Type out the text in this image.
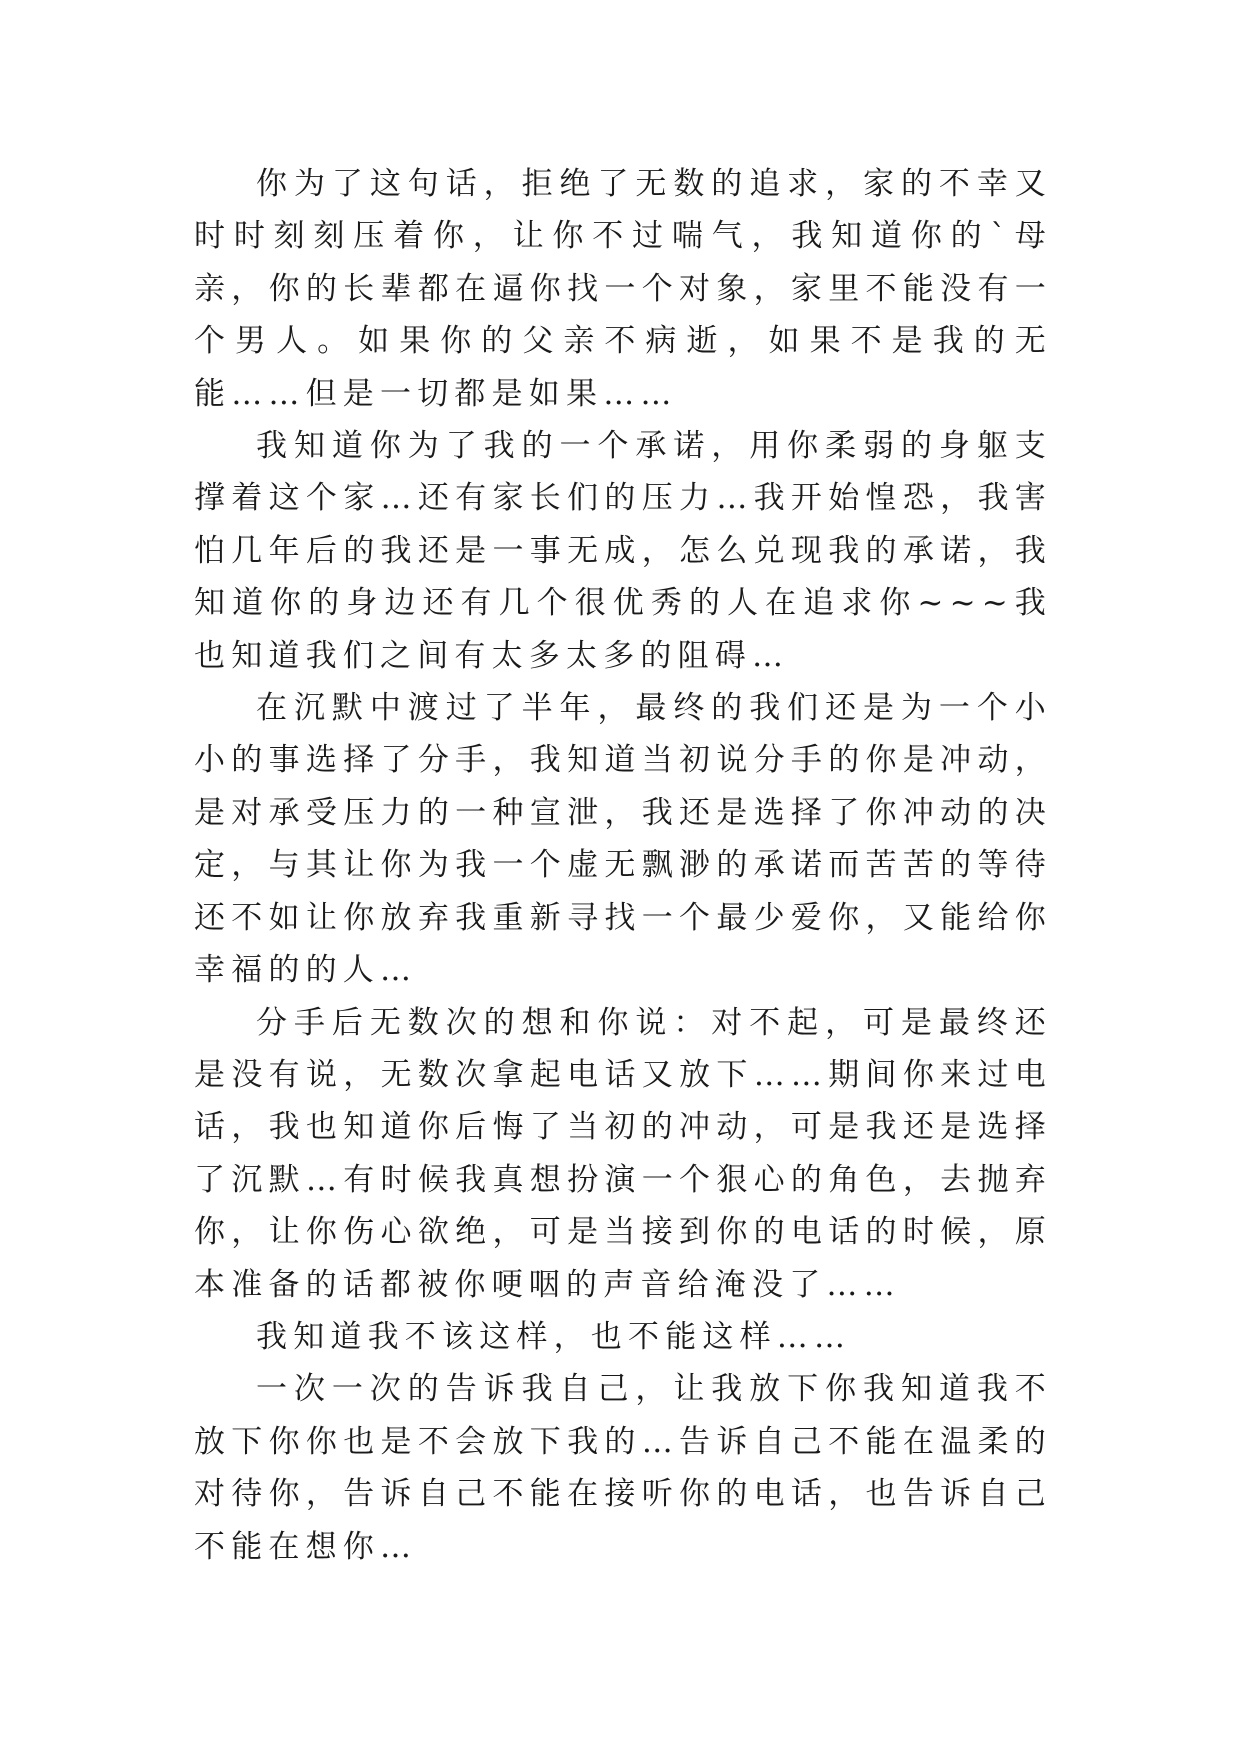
你为了这句话，拒绝了无数的追求，家的不幸又时时刻刻压着你，让你不过喘气，我知道你的`母亲，你的长辈都在逼你找一个对象，家里不能没有一个男人。如果你的父亲不病逝，如果不是我的无能……但是一切都是如果……

我知道你为了我的一个承诺，用你柔弱的身躯支撑着这个家…还有家长们的压力…我开始惶恐，我害怕几年后的我还是一事无成，怎么兑现我的承诺，我知道你的身边还有几个很优秀的人在追求你~~~我也知道我们之间有太多太多的阻碍…

在沉默中渡过了半年，最终的我们还是为一个小小的事选择了分手，我知道当初说分手的你是冲动，是对承受压力的一种宣泄，我还是选择了你冲动的决定，与其让你为我一个虚无飘渺的承诺而苦苦的等待还不如让你放弃我重新寻找一个最少爱你，又能给你幸福的的人…

分手后无数次的想和你说：对不起，可是最终还是没有说，无数次拿起电话又放下……期间你来过电话，我也知道你后悔了当初的冲动，可是我还是选择了沉默…有时候我真想扮演一个狠心的角色，去抛弃你，让你伤心欲绝，可是当接到你的电话的时候，原本准备的话都被你哽咽的声音给淹没了……

我知道我不该这样，也不能这样……

一次一次的告诉我自己，让我放下你我知道我不放下你你也是不会放下我的…告诉自己不能在温柔的对待你，告诉自己不能在接听你的电话，也告诉自己不能在想你…
